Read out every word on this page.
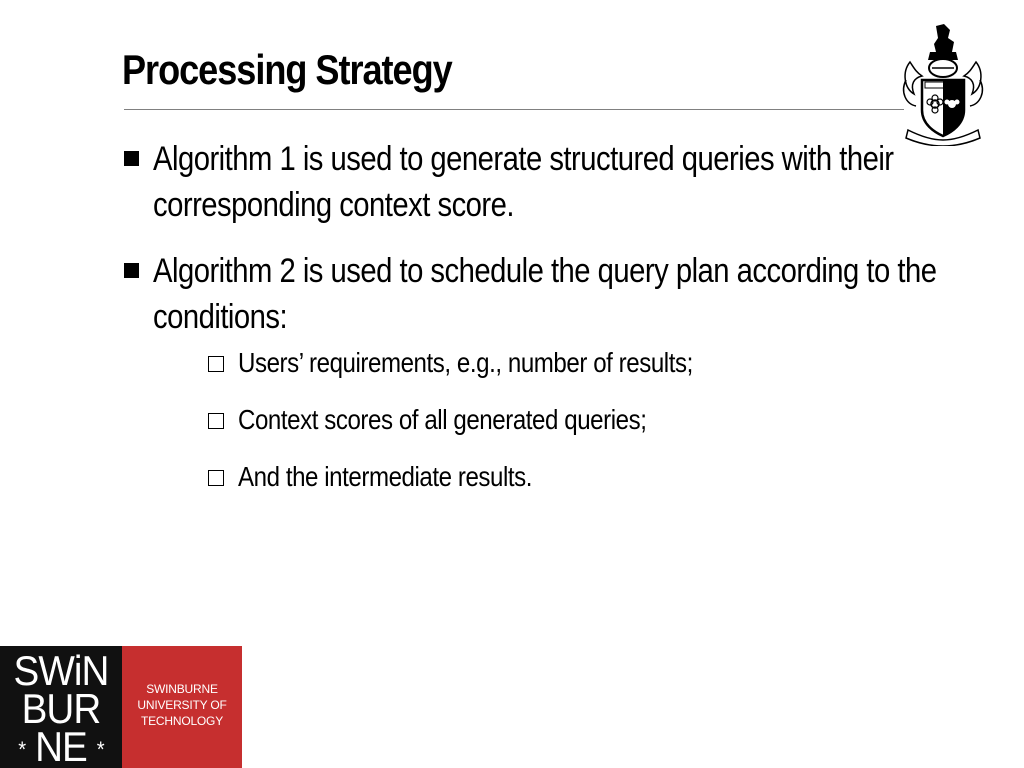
Processing Strategy
Algorithm 1 is used to generate structured queries with their corresponding context score.
Algorithm 2 is used to schedule the query plan according to the conditions:
Users’ requirements, e.g., number of results;
Context scores of all generated queries;
And the intermediate results.
SWiN
BUR
* NE *
SWINBURNE
UNIVERSITY OF
TECHNOLOGY
